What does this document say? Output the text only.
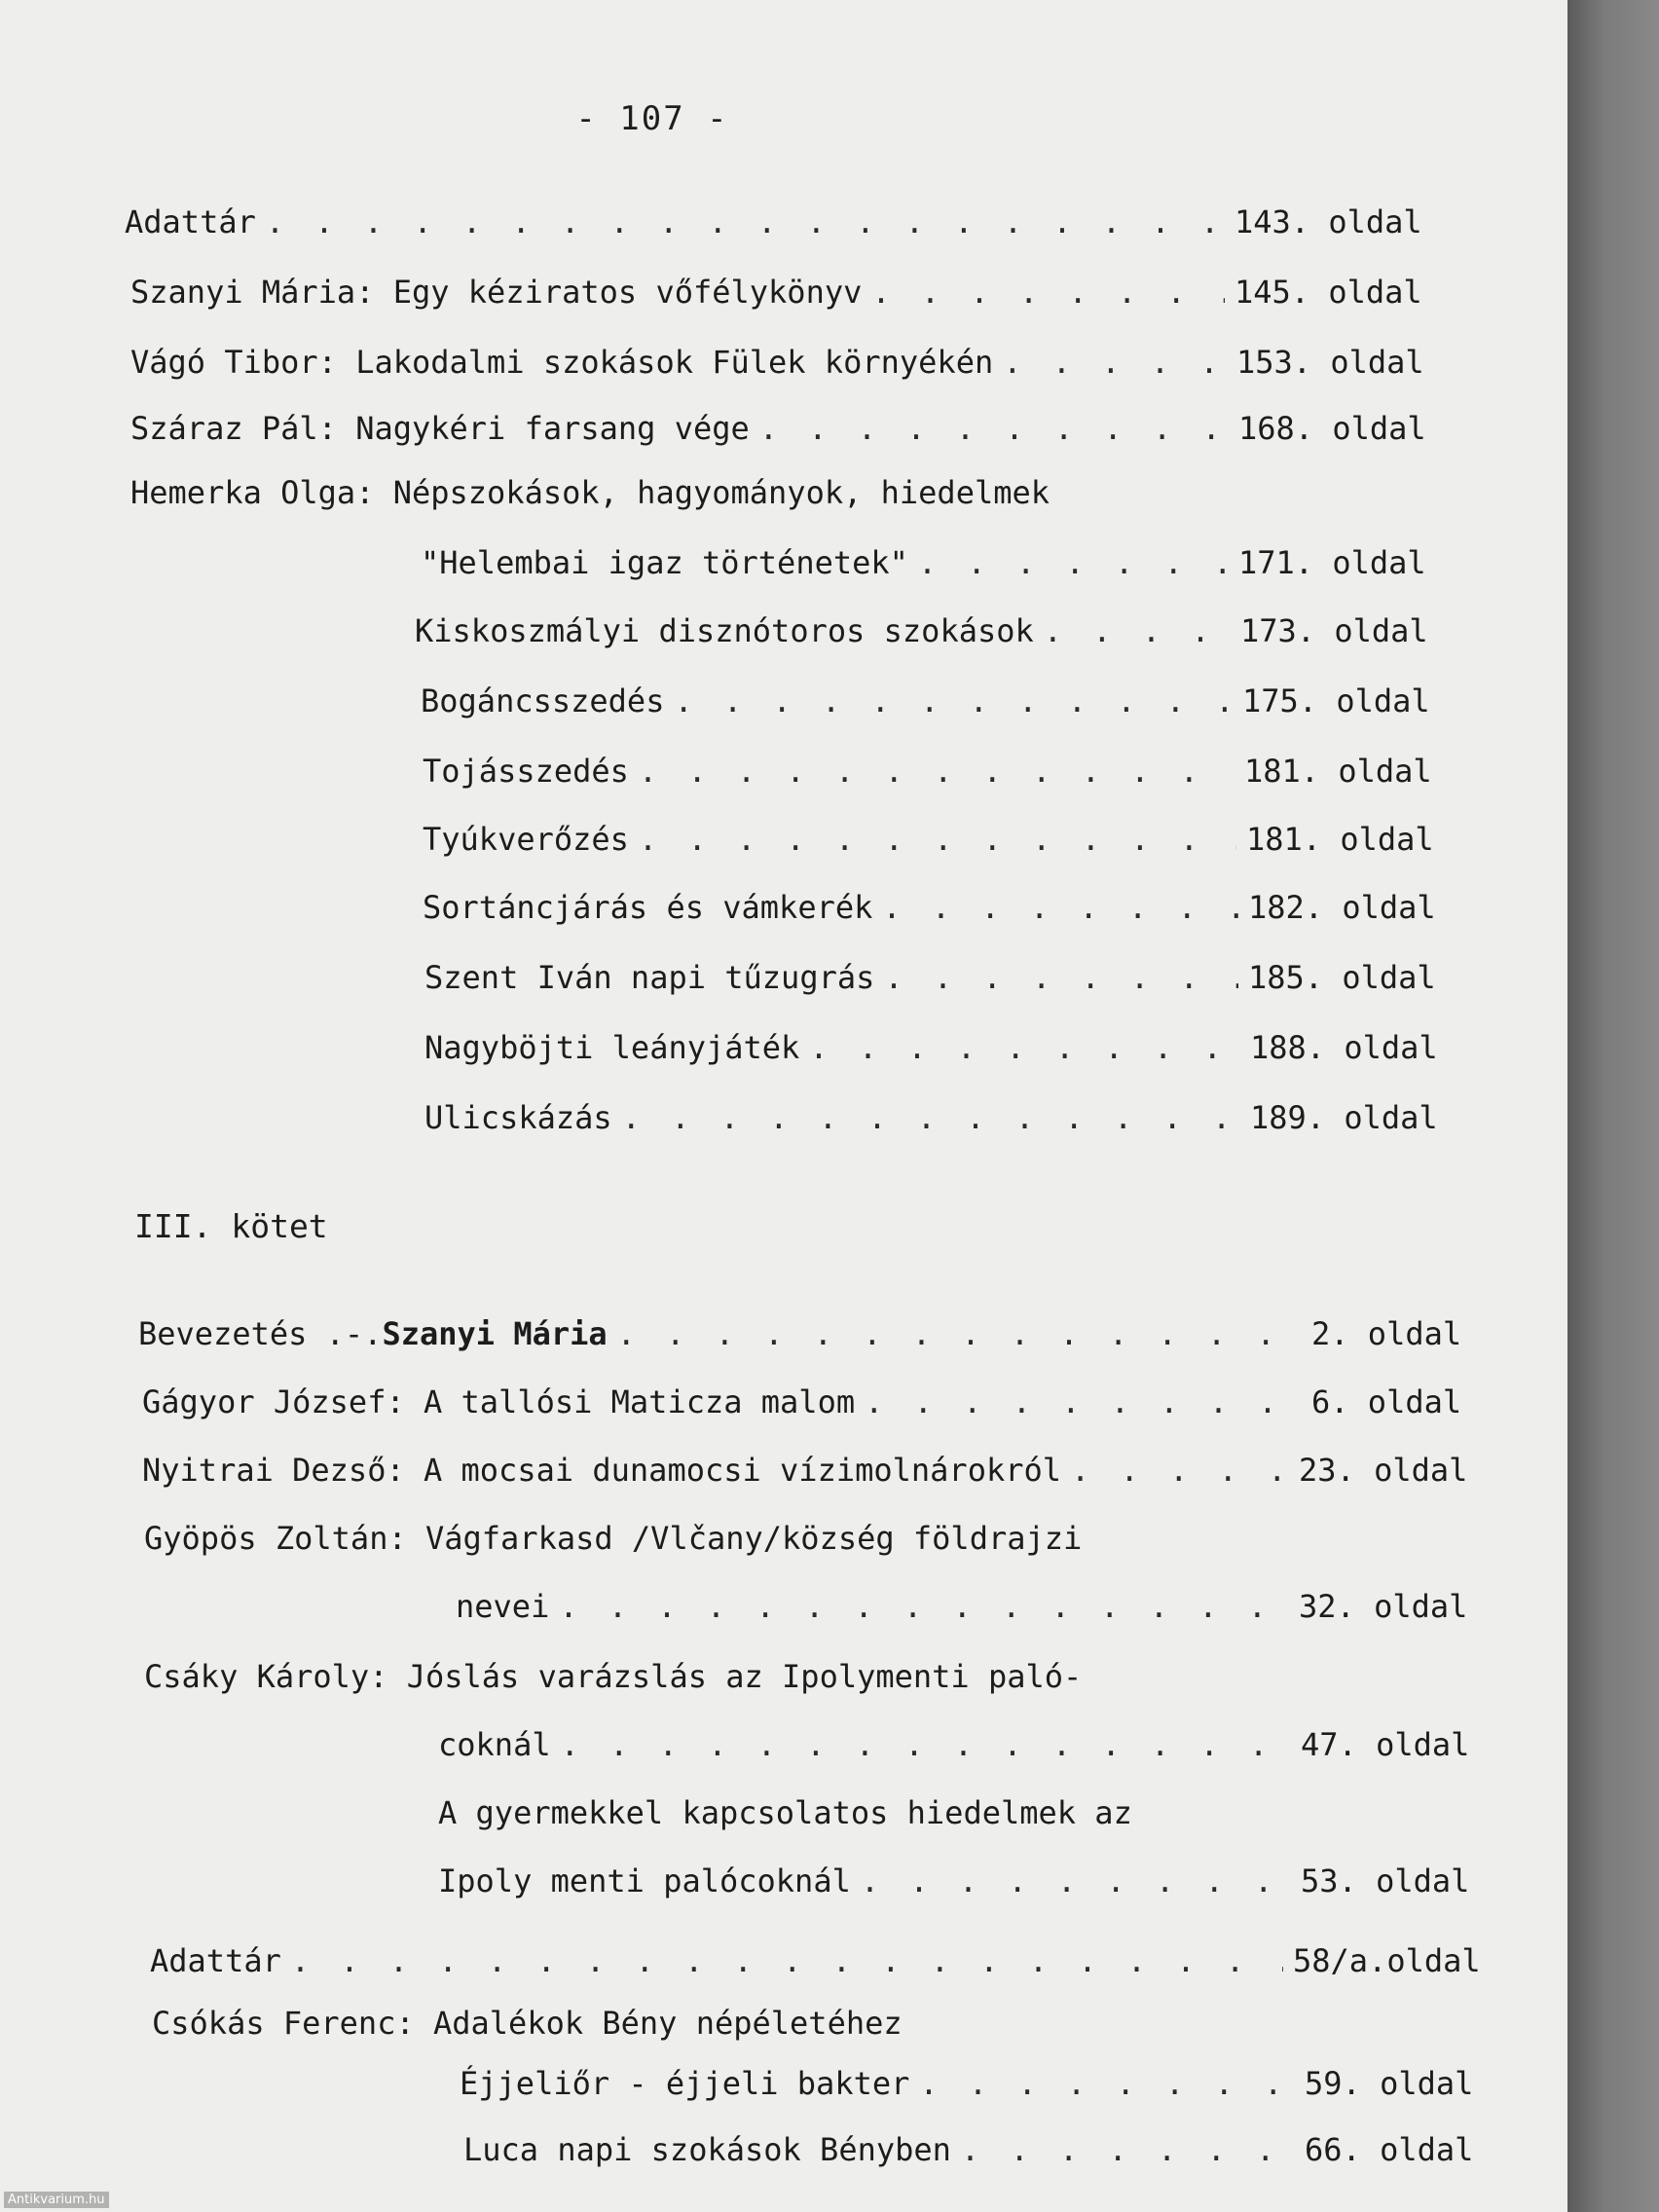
- 107 -
Adattár . . .	143. oldal
Szanyi Mária: Egy kéziratos vőfélykönyv . . .	145. oldal
Vágó Tibor: Lakodalmi szokások Fülek környékén . . .	153. oldal
Száraz Pál: Nagykéri farsang vége . . .	168. oldal
Hemerka Olga: Népszokások, hagyományok, hiedelmek
"Helembai igaz történetek" . . .	171. oldal
Kiskoszmályi disznótoros szokások . . .	173. oldal
Bogáncsszedés . . .	175. oldal
Tojásszedés . . .	181. oldal
Tyúkverőzés . . .	181. oldal
Sortáncjárás és vámkerék . . .	182. oldal
Szent Iván napi tűzugrás . . .	185. oldal
Nagyböjti leányjáték . . .	188. oldal
Ulicskázás . . .	189. oldal
III. kötet
Bevezetés .-.Szanyi Mária . . .	2. oldal
Gágyor József: A tallósi Maticza malom . . .	6. oldal
Nyitrai Dezső: A mocsai dunamocsi vízimolnárokról . . .	23. oldal
Gyöpös Zoltán: Vágfarkasd /Vlčany/község földrajzi
nevei . . .	32. oldal
Csáky Károly: Jóslás varázslás az Ipolymenti paló-
coknál . . .	47. oldal
A gyermekkel kapcsolatos hiedelmek az
Ipoly menti palócoknál . . .	53. oldal
Adattár . . .	58/a.oldal
Csókás Ferenc: Adalékok Bény népéletéhez
Éjjeliőr - éjjeli bakter . . .	59. oldal
Luca napi szokások Bényben . . .	66. oldal
Antikvarium.hu
